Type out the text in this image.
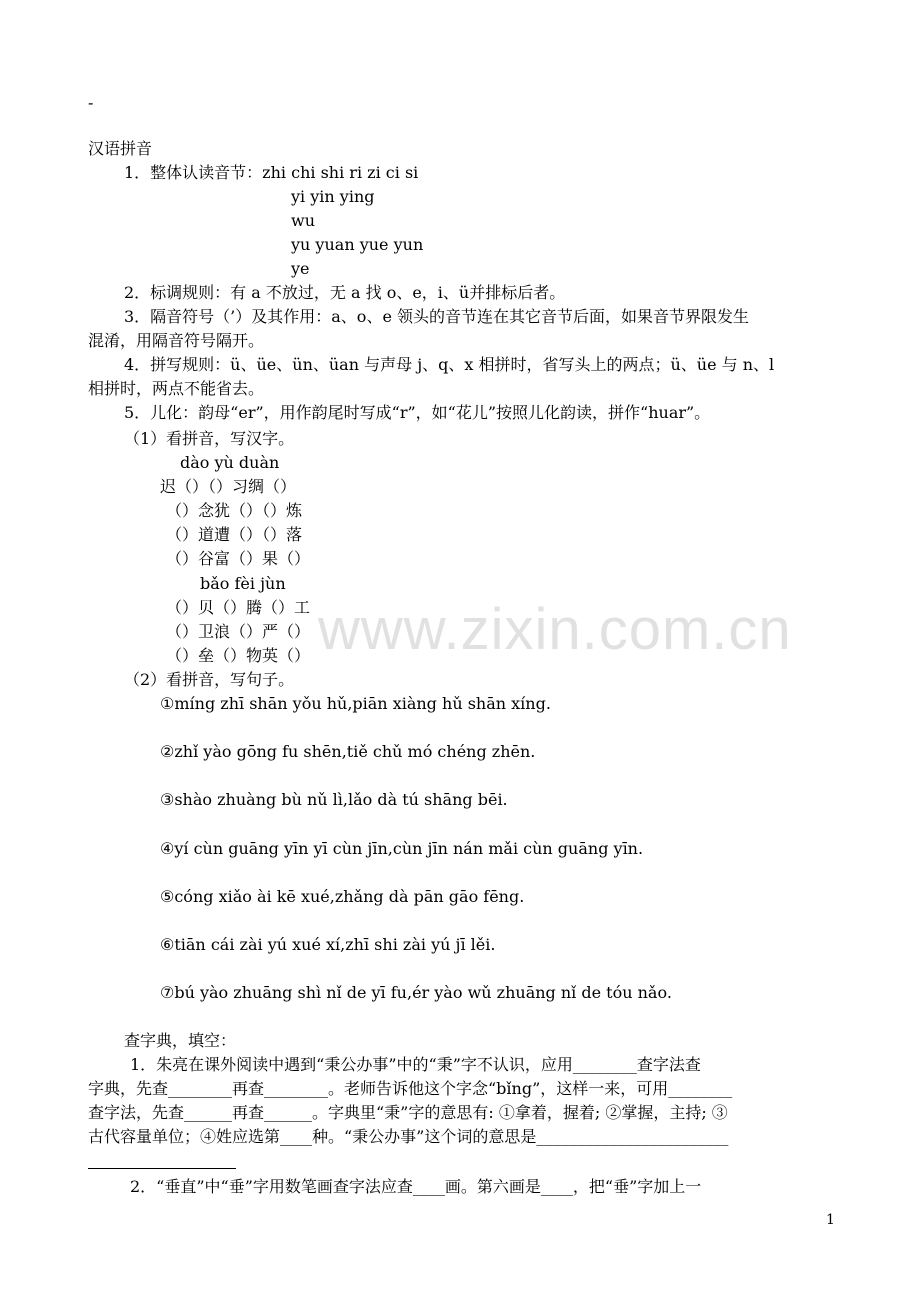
-
汉语拼音
1．整体认读音节：zhi chi shi ri zi ci si
yi yin ying
wu
yu yuan yue yun
ye
2．标调规则：有 a 不放过，无 a 找 o、e，i、ü并排标后者。
3．隔音符号（’）及其作用：a、o、e 领头的音节连在其它音节后面，如果音节界限发生
混淆，用隔音符号隔开。
4．拼写规则：ü、üe、ün、üan 与声母 j、q、x 相拼时，省写头上的两点；ü、üe 与 n、l
相拼时，两点不能省去。
5．儿化：韵母“er”，用作韵尾时写成“r”，如“花儿”按照儿化韵读，拼作“huar”。
（1）看拼音，写汉字。
dào yù duàn
迟（）（）习绸（）
（）念犹（）（）炼
（）道遭（）（）落
（）谷富（）果（）
bǎo fèi jùn
（）贝（）腾（）工
（）卫浪（）严（）
（）垒（）物英（）
（2）看拼音，写句子。
①míng zhī shān yǒu hǔ,piān xiàng hǔ shān xíng.
②zhǐ yào gōng fu shēn,tiě chǔ mó chéng zhēn.
③shào zhuàng bù nǔ lì,lǎo dà tú shāng bēi.
④yí cùn guāng yīn yī cùn jīn,cùn jīn nán mǎi cùn guāng yīn.
⑤cóng xiǎo ài kē xué,zhǎng dà pān gāo fēng.
⑥tiān cái zài yú xué xí,zhī shi zài yú jī lěi.
⑦bú yào zhuāng shì nǐ de yī fu,ér yào wǔ zhuāng nǐ de tóu nǎo.
查字典，填空：
1．朱亮在课外阅读中遇到“秉公办事”中的“秉”字不认识，应用________查字法查
字典，先查________再查________。老师告诉他这个字念“bǐng”，这样一来，可用________
查字法，先查______再查______。字典里“秉”字的意思有: ①拿着，握着; ②掌握，主持; ③
古代容量单位；④姓应选第____种。“秉公办事”这个词的意思是________________________
2．“垂直”中“垂”字用数笔画查字法应查____画。第六画是____，把“垂”字加上一
www.zixin.com.cn
1
